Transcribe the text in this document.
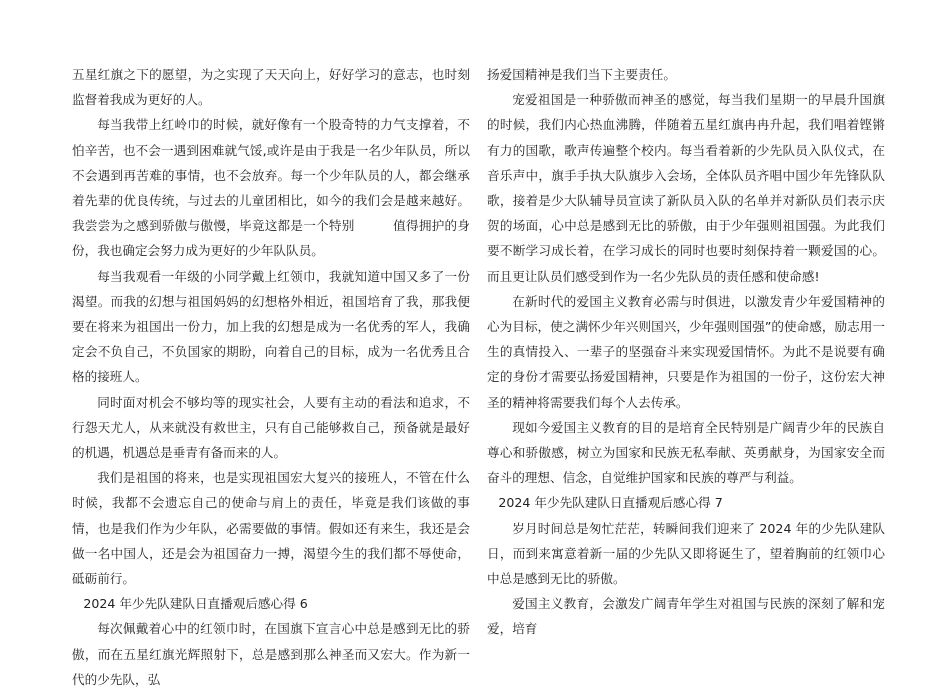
五星红旗之下的愿望，为之实现了天天向上，好好学习的意志，也时刻监督着我成为更好的人。

每当我带上红岭巾的时候，就好像有一个股奇特的力气支撑着，不怕辛苦，也不会一遇到困难就气馁,或许是由于我是一名少年队员，所以不会遇到再苦难的事情，也不会放弃。每一个少年队员的人，都会继承着先辈的优良传统，与过去的儿童团相比，如今的我们会是越来越好。我尝尝为之感到骄傲与傲慢，毕竟这都是一个特别　　　值得拥护的身份，我也确定会努力成为更好的少年队队员。

每当我观看一年级的小同学戴上红领巾，我就知道中国又多了一份渴望。而我的幻想与祖国妈妈的幻想格外相近，祖国培育了我，那我便要在将来为祖国出一份力，加上我的幻想是成为一名优秀的军人，我确定会不负自己，不负国家的期盼，向着自己的目标，成为一名优秀且合格的接班人。

同时面对机会不够均等的现实社会，人要有主动的看法和追求，不行怨天尤人，从来就没有救世主，只有自己能够救自己，预备就是最好的机遇，机遇总是垂青有备而来的人。

我们是祖国的将来，也是实现祖国宏大复兴的接班人，不管在什么时候，我都不会遗忘自己的使命与肩上的责任，毕竟是我们该做的事情，也是我们作为少年队，必需要做的事情。假如还有来生，我还是会做一名中国人，还是会为祖国奋力一搏，渴望今生的我们都不辱使命，砥砺前行。

2024 年少先队建队日直播观后感心得 6

每次佩戴着心中的红领巾时，在国旗下宣言心中总是感到无比的骄傲，而在五星红旗光辉照射下，总是感到那么神圣而又宏大。作为新一代的少先队，弘

扬爱国精神是我们当下主要责任。

宠爱祖国是一种骄傲而神圣的感觉，每当我们星期一的早晨升国旗的时候，我们内心热血沸腾，伴随着五星红旗冉冉升起，我们唱着铿锵有力的国歌，歌声传遍整个校内。每当看着新的少先队员入队仪式，在音乐声中，旗手手执大队旗步入会场，全体队员齐唱中国少年先锋队队歌，接着是少大队辅导员宣读了新队员入队的名单并对新队员们表示庆贺的场面，心中总是感到无比的骄傲，由于少年强则祖国强。为此我们要不断学习成长着，在学习成长的同时也要时刻保持着一颗爱国的心。而且更让队员们感受到作为一名少先队员的责任感和使命感!

在新时代的爱国主义教育必需与时俱进，以激发青少年爱国精神的心为目标，使之满怀少年兴则国兴，少年强则国强”的使命感，励志用一生的真情投入、一辈子的坚强奋斗来实现爱国情怀。为此不是说要有确定的身份才需要弘扬爱国精神，只要是作为祖国的一份子，这份宏大神圣的精神将需要我们每个人去传承。

现如今爱国主义教育的目的是培育全民特别是广阔青少年的民族自尊心和骄傲感，树立为国家和民族无私奉献、英勇献身，为国家安全而奋斗的理想、信念，自觉维护国家和民族的尊严与利益。

2024 年少先队建队日直播观后感心得 7

岁月时间总是匆忙茫茫，转瞬间我们迎来了 2024 年的少先队建队日，而到来寓意着新一届的少先队又即将诞生了，望着胸前的红领巾心中总是感到无比的骄傲。

爱国主义教育，会激发广阔青年学生对祖国与民族的深刻了解和宠爱，培育
